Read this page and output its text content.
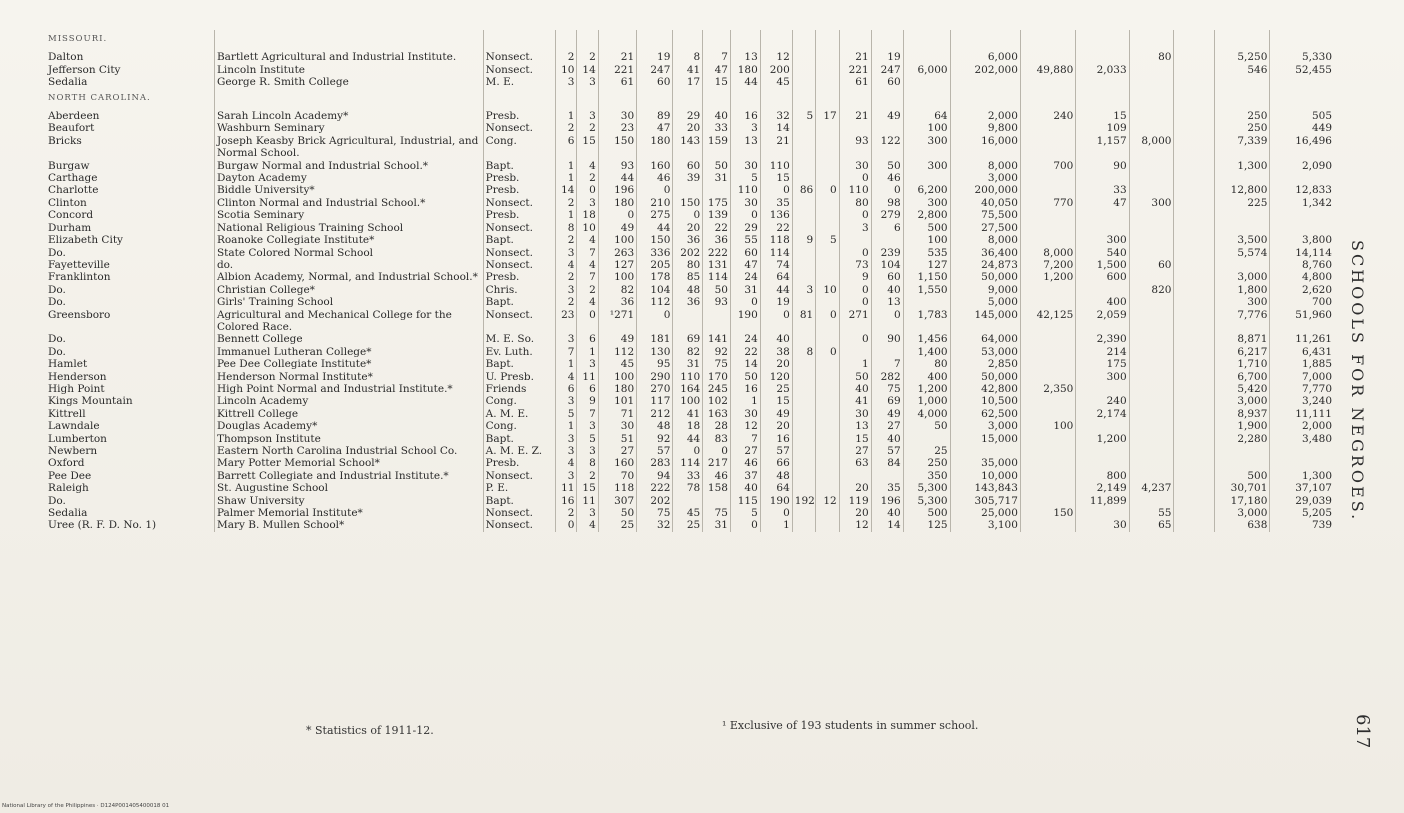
MISSOURI.																						
Dalton	Bartlett Agricultural and Industrial Institute.	Nonsect.	2	2	21	19	8	7	13	12			21	19		6,000			80		5,250	5,330
Jefferson City	Lincoln Institute	Nonsect.	10	14	221	247	41	47	180	200			221	247	6,000	202,000	49,880	2,033			546	52,455
Sedalia	George R. Smith College	M. E.	3	3	61	60	17	15	44	45			61	60								
NORTH CAROLINA.																						
Aberdeen	Sarah Lincoln Academy*	Presb.	1	3	30	89	29	40	16	32	5	17	21	49	64	2,000	240	15			250	505
Beaufort	Washburn Seminary	Nonsect.	2	2	23	47	20	33	3	14					100	9,800		109			250	449
Bricks	Joseph Keasby Brick Agricultural, Industrial, and Normal School.	Cong.	6	15	150	180	143	159	13	21			93	122	300	16,000		1,157	8,000		7,339	16,496
Burgaw	Burgaw Normal and Industrial School.*	Bapt.	1	4	93	160	60	50	30	110			30	50	300	8,000	700	90			1,300	2,090
Carthage	Dayton Academy	Presb.	1	2	44	46	39	31	5	15			0	46		3,000						
Charlotte	Biddle University*	Presb.	14	0	196	0			110	0	86	0	110	0	6,200	200,000		33			12,800	12,833
Clinton	Clinton Normal and Industrial School.*	Nonsect.	2	3	180	210	150	175	30	35			80	98	300	40,050	770	47	300		225	1,342
Concord	Scotia Seminary	Presb.	1	18	0	275	0	139	0	136			0	279	2,800	75,500						
Durham	National Religious Training School	Nonsect.	8	10	49	44	20	22	29	22			3	6	500	27,500						
Elizabeth City	Roanoke Collegiate Institute*	Bapt.	2	4	100	150	36	36	55	118	9	5			100	8,000		300			3,500	3,800
Do.	State Colored Normal School	Nonsect.	3	7	263	336	202	222	60	114			0	239	535	36,400	8,000	540			5,574	14,114
Fayetteville	do.	Nonsect.	4	4	127	205	80	131	47	74			73	104	127	24,873	7,200	1,500	60			8,760
Franklinton	Albion Academy, Normal, and Industrial School.*	Presb.	2	7	100	178	85	114	24	64			9	60	1,150	50,000	1,200	600			3,000	4,800
Do.	Christian College*	Chris.	3	2	82	104	48	50	31	44	3	10	0	40	1,550	9,000			820		1,800	2,620
Do.	Girls' Training School	Bapt.	2	4	36	112	36	93	0	19			0	13		5,000		400			300	700
Greensboro	Agricultural and Mechanical College for the Colored Race.	Nonsect.	23	0	¹271	0			190	0	81	0	271	0	1,783	145,000	42,125	2,059			7,776	51,960
Do.	Bennett College	M. E. So.	3	6	49	181	69	141	24	40			0	90	1,456	64,000		2,390			8,871	11,261
Do.	Immanuel Lutheran College*	Ev. Luth.	7	1	112	130	82	92	22	38	8	0			1,400	53,000		214			6,217	6,431
Hamlet	Pee Dee Collegiate Institute*	Bapt.	1	3	45	95	31	75	14	20			1	7	80	2,850		175			1,710	1,885
Henderson	Henderson Normal Institute*	U. Presb.	4	11	100	290	110	170	50	120			50	282	400	50,000		300			6,700	7,000
High Point	High Point Normal and Industrial Institute.*	Friends	6	6	180	270	164	245	16	25			40	75	1,200	42,800	2,350				5,420	7,770
Kings Mountain	Lincoln Academy	Cong.	3	9	101	117	100	102	1	15			41	69	1,000	10,500		240			3,000	3,240
Kittrell	Kittrell College	A. M. E.	5	7	71	212	41	163	30	49			30	49	4,000	62,500		2,174			8,937	11,111
Lawndale	Douglas Academy*	Cong.	1	3	30	48	18	28	12	20			13	27	50	3,000	100				1,900	2,000
Lumberton	Thompson Institute	Bapt.	3	5	51	92	44	83	7	16			15	40		15,000		1,200			2,280	3,480
Newbern	Eastern North Carolina Industrial School Co.	A. M. E. Z.	3	3	27	57	0	0	27	57			27	57	25							
Oxford	Mary Potter Memorial School*	Presb.	4	8	160	283	114	217	46	66			63	84	250	35,000						
Pee Dee	Barrett Collegiate and Industrial Institute.*	Nonsect.	3	2	70	94	33	46	37	48					350	10,000		800			500	1,300
Raleigh	St. Augustine School	P. E.	11	15	118	222	78	158	40	64			20	35	5,300	143,843		2,149	4,237		30,701	37,107
Do.	Shaw University	Bapt.	16	11	307	202			115	190	192	12	119	196	5,300	305,717		11,899			17,180	29,039
Sedalia	Palmer Memorial Institute*	Nonsect.	2	3	50	75	45	75	5	0			20	40	500	25,000	150		55		3,000	5,205
Uree (R. F. D. No. 1)	Mary B. Mullen School*	Nonsect.	0	4	25	32	25	31	0	1			12	14	125	3,100		30	65		638	739
* Statistics of 1911-12.	¹ Exclusive of 193 students in summer school.
SCHOOLS FOR NEGROES.
617
National Library of the Philippines · D124P001405400018 01
